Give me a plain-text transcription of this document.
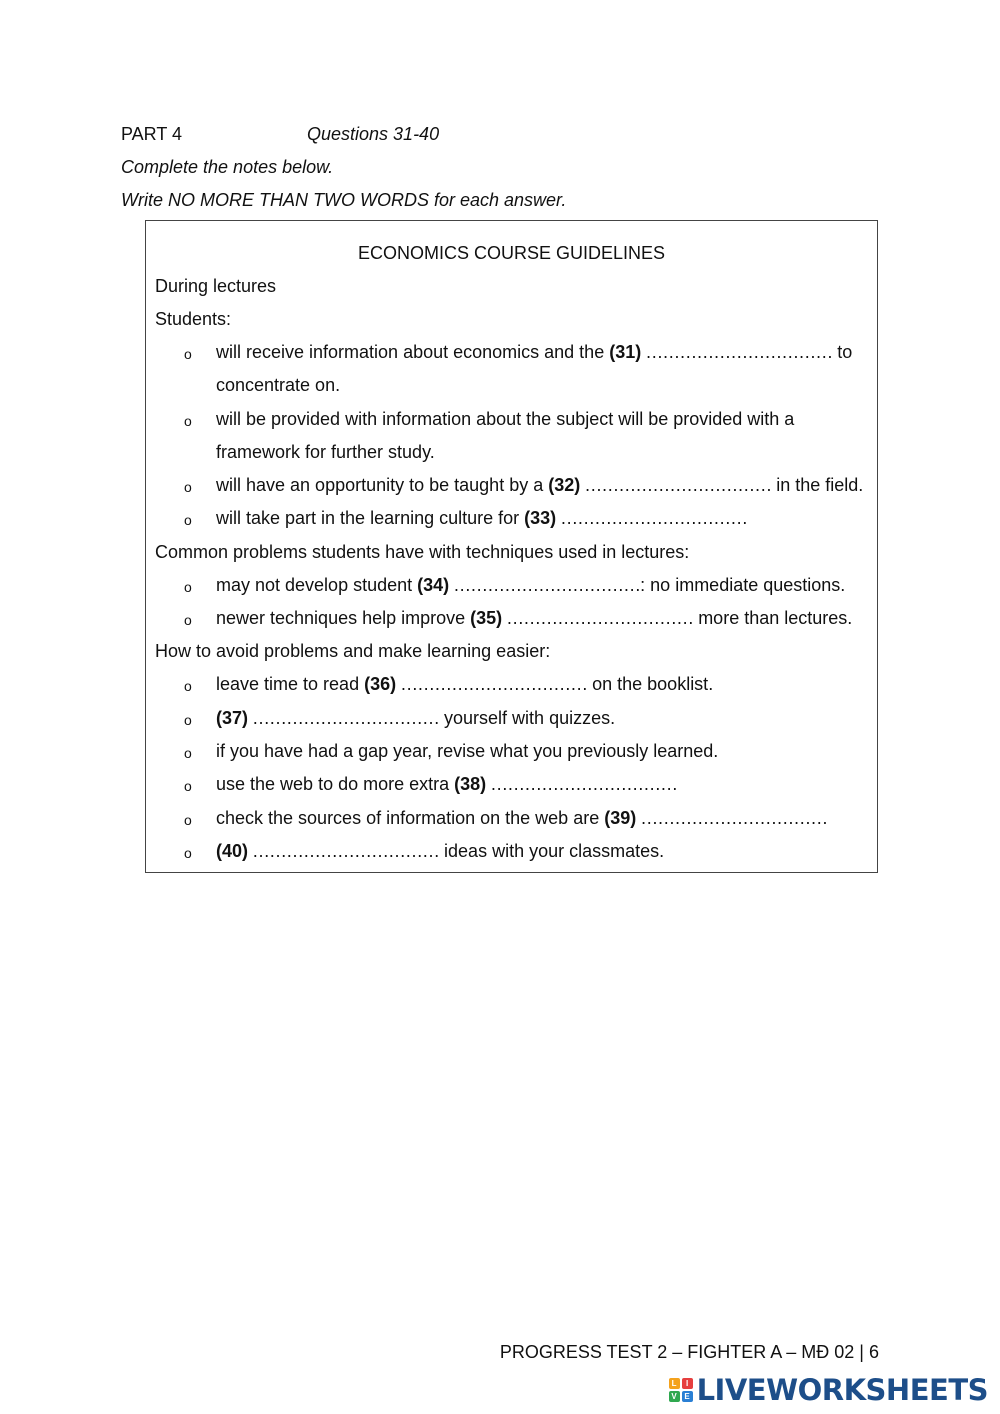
PART 4	Questions 31-40
Complete the notes below.
Write NO MORE THAN TWO WORDS for each answer.
ECONOMICS COURSE GUIDELINES
During lectures
Students:
o will receive information about economics and the (31) …………………………… to concentrate on.
o will be provided with information about the subject will be provided with a framework for further study.
o will have an opportunity to be taught by a (32) …………………………… in the field.
o will take part in the learning culture for (33) ……………………………
Common problems students have with techniques used in lectures:
o may not develop student (34) ……………………………: no immediate questions.
o newer techniques help improve (35) …………………………… more than lectures.
How to avoid problems and make learning easier:
o leave time to read (36) …………………………… on the booklist.
o (37) …………………………… yourself with quizzes.
o if you have had a gap year, revise what you previously learned.
o use the web to do more extra (38) ……………………………
o check the sources of information on the web are (39) ……………………………
o (40) …………………………… ideas with your classmates.
PROGRESS TEST 2 – FIGHTER A – MĐ 02 | 6
L	I
V E LIVEWORKSHEETS
